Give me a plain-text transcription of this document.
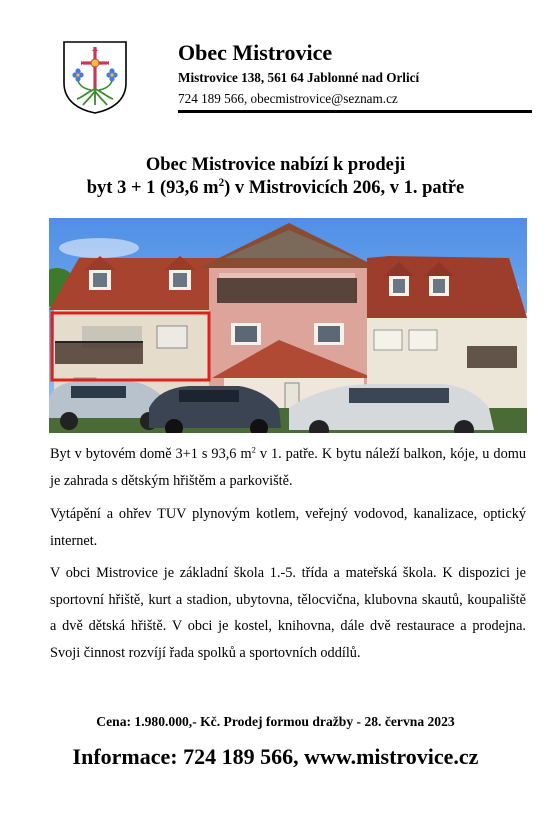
Obec Mistrovice
Mistrovice 138, 561 64 Jablonné nad Orlicí
724 189 566, obecmistrovice@seznam.cz
Obec Mistrovice nabízí k prodeji
byt 3 + 1 (93,6 $m^2$) v Mistrovicích 206, v 1. patře

Byt v bytovém domě 3+1 s 93,6 $m^2$ v 1. patře. K bytu náleží balkon, kóje, u domu je zahrada s dětským hřištěm a parkoviště.

Vytápění a ohřev TUV plynovým kotlem, veřejný vodovod, kanalizace, optický internet.

V obci Mistrovice je základní škola 1.-5. třída a mateřská škola. K dispozici je sportovní hřiště, kurt a stadion, ubytovna, tělocvična, klubovna skautů, koupaliště a dvě dětská hřiště. V obci je kostel, knihovna, dále dvě restaurace a prodejna. Svoji činnost rozvíjí řada spolků a sportovních oddílů.

Cena: 1.980.000,- Kč. Prodej formou dražby - 28. června 2023
Informace: 724 189 566, www.mistrovice.cz
